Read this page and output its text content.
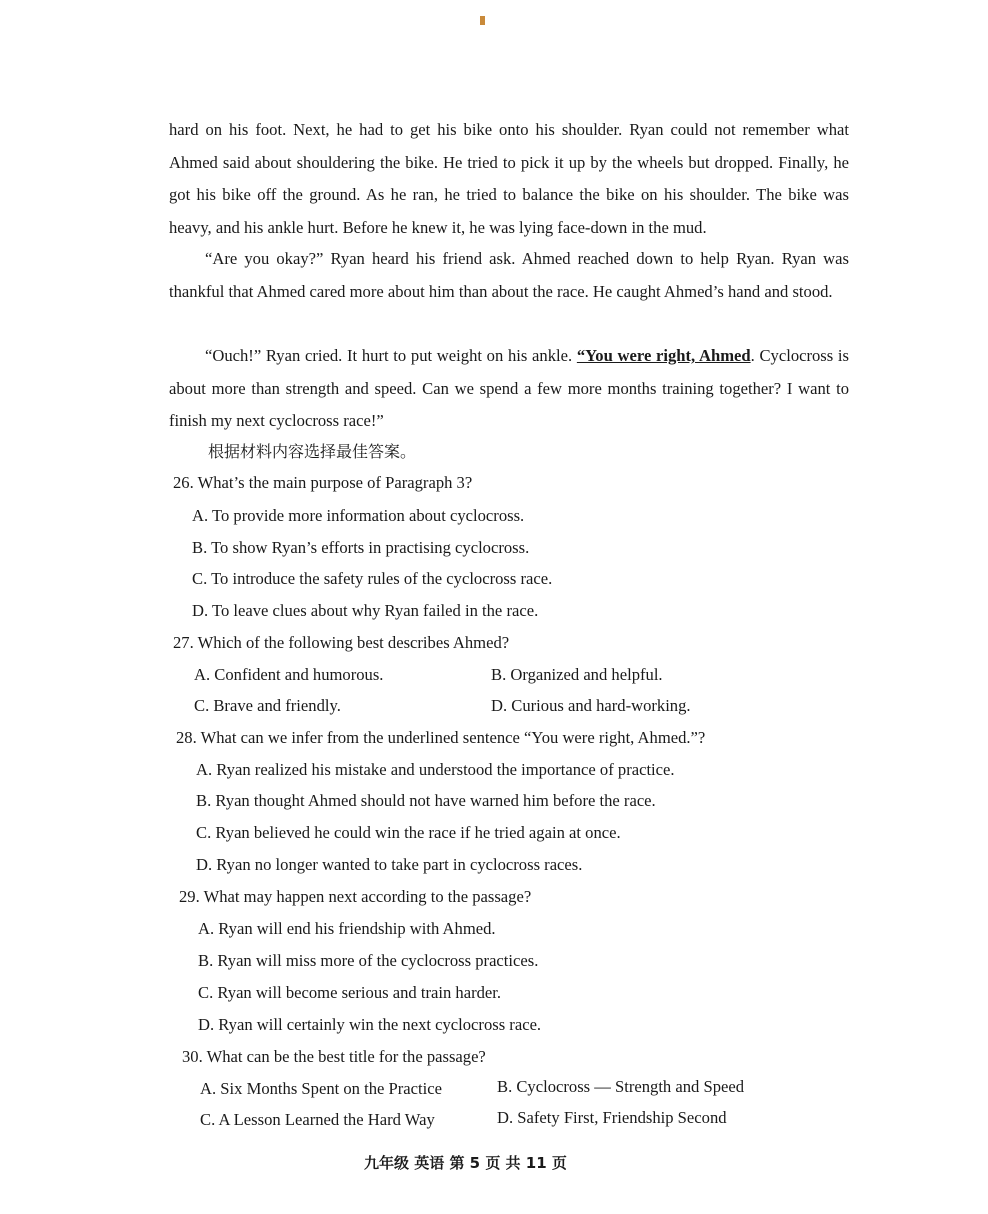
hard on his foot. Next, he had to get his bike onto his shoulder. Ryan could not remember what Ahmed said about shouldering the bike. He tried to pick it up by the wheels but dropped. Finally, he got his bike off the ground. As he ran, he tried to balance the bike on his shoulder. The bike was heavy, and his ankle hurt. Before he knew it, he was lying face-down in the mud.

“Are you okay?” Ryan heard his friend ask. Ahmed reached down to help Ryan. Ryan was thankful that Ahmed cared more about him than about the race. He caught Ahmed’s hand and stood.

“Ouch!” Ryan cried. It hurt to put weight on his ankle. “You were right, Ahmed. Cyclocross is about more than strength and speed. Can we spend a few more months training together? I want to finish my next cyclocross race!”

根据材料内容选择最佳答案。
26. What’s the main purpose of Paragraph 3?
A. To provide more information about cyclocross.
B. To show Ryan’s efforts in practising cyclocross.
C. To introduce the safety rules of the cyclocross race.
D. To leave clues about why Ryan failed in the race.
27. Which of the following best describes Ahmed?
A. Confident and humorous.	B. Organized and helpful.
C. Brave and friendly.	D. Curious and hard-working.
28. What can we infer from the underlined sentence “You were right, Ahmed.”?
A. Ryan realized his mistake and understood the importance of practice.
B. Ryan thought Ahmed should not have warned him before the race.
C. Ryan believed he could win the race if he tried again at once.
D. Ryan no longer wanted to take part in cyclocross races.
29. What may happen next according to the passage?
A. Ryan will end his friendship with Ahmed.
B. Ryan will miss more of the cyclocross practices.
C. Ryan will become serious and train harder.
D. Ryan will certainly win the next cyclocross race.
30. What can be the best title for the passage?
A. Six Months Spent on the Practice	B. Cyclocross — Strength and Speed
C. A Lesson Learned the Hard Way	D. Safety First, Friendship Second
九年级 英语 第 5 页 共 11 页
